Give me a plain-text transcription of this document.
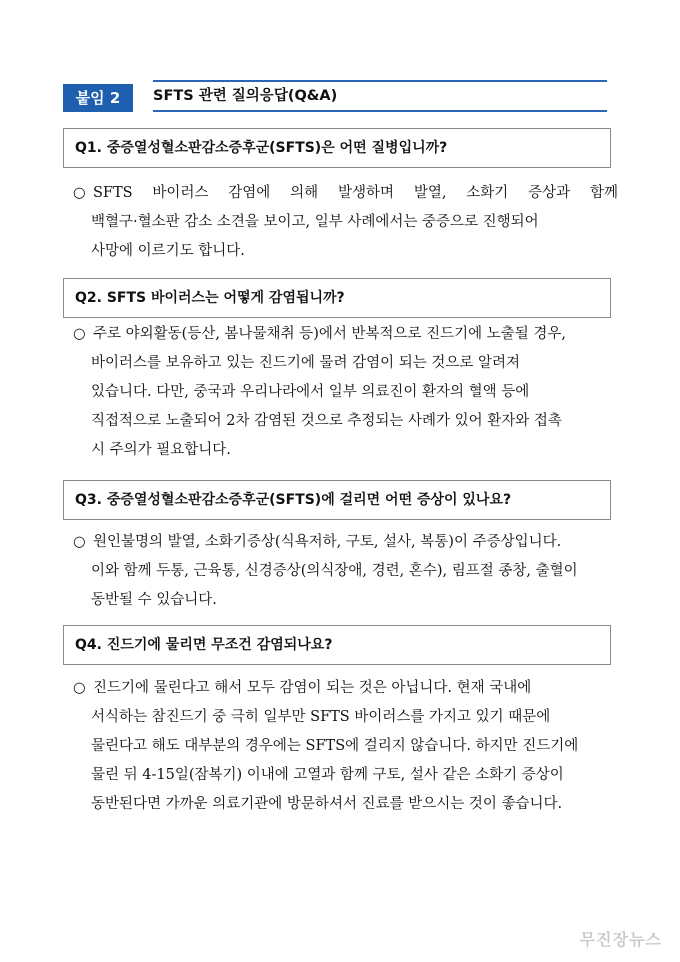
붙임 2	SFTS 관련 질의응답(Q&A)
Q1. 중증열성혈소판감소증후군(SFTS)은 어떤 질병입니까?
○ SFTS 바이러스 감염에 의해 발생하며 발열, 소화기 증상과 함께
백혈구·혈소판 감소 소견을 보이고, 일부 사례에서는 중증으로 진행되어
사망에 이르기도 합니다.
Q2. SFTS 바이러스는 어떻게 감염됩니까?
○ 주로 야외활동(등산, 봄나물채취 등)에서 반복적으로 진드기에 노출될 경우,
바이러스를 보유하고 있는 진드기에 물려 감염이 되는 것으로 알려져
있습니다. 다만, 중국과 우리나라에서 일부 의료진이 환자의 혈액 등에
직접적으로 노출되어 2차 감염된 것으로 추정되는 사례가 있어 환자와 접촉
시 주의가 필요합니다.
Q3. 중증열성혈소판감소증후군(SFTS)에 걸리면 어떤 증상이 있나요?
○ 원인불명의 발열, 소화기증상(식욕저하, 구토, 설사, 복통)이 주증상입니다.
이와 함께 두통, 근육통, 신경증상(의식장애, 경련, 혼수), 림프절 종창, 출혈이
동반될 수 있습니다.
Q4. 진드기에 물리면 무조건 감염되나요?
○ 진드기에 물린다고 해서 모두 감염이 되는 것은 아닙니다. 현재 국내에
서식하는 참진드기 중 극히 일부만 SFTS 바이러스를 가지고 있기 때문에
물린다고 해도 대부분의 경우에는 SFTS에 걸리지 않습니다. 하지만 진드기에
물린 뒤 4-15일(잠복기) 이내에 고열과 함께 구토, 설사 같은 소화기 증상이
동반된다면 가까운 의료기관에 방문하셔서 진료를 받으시는 것이 좋습니다.
무진장뉴스
